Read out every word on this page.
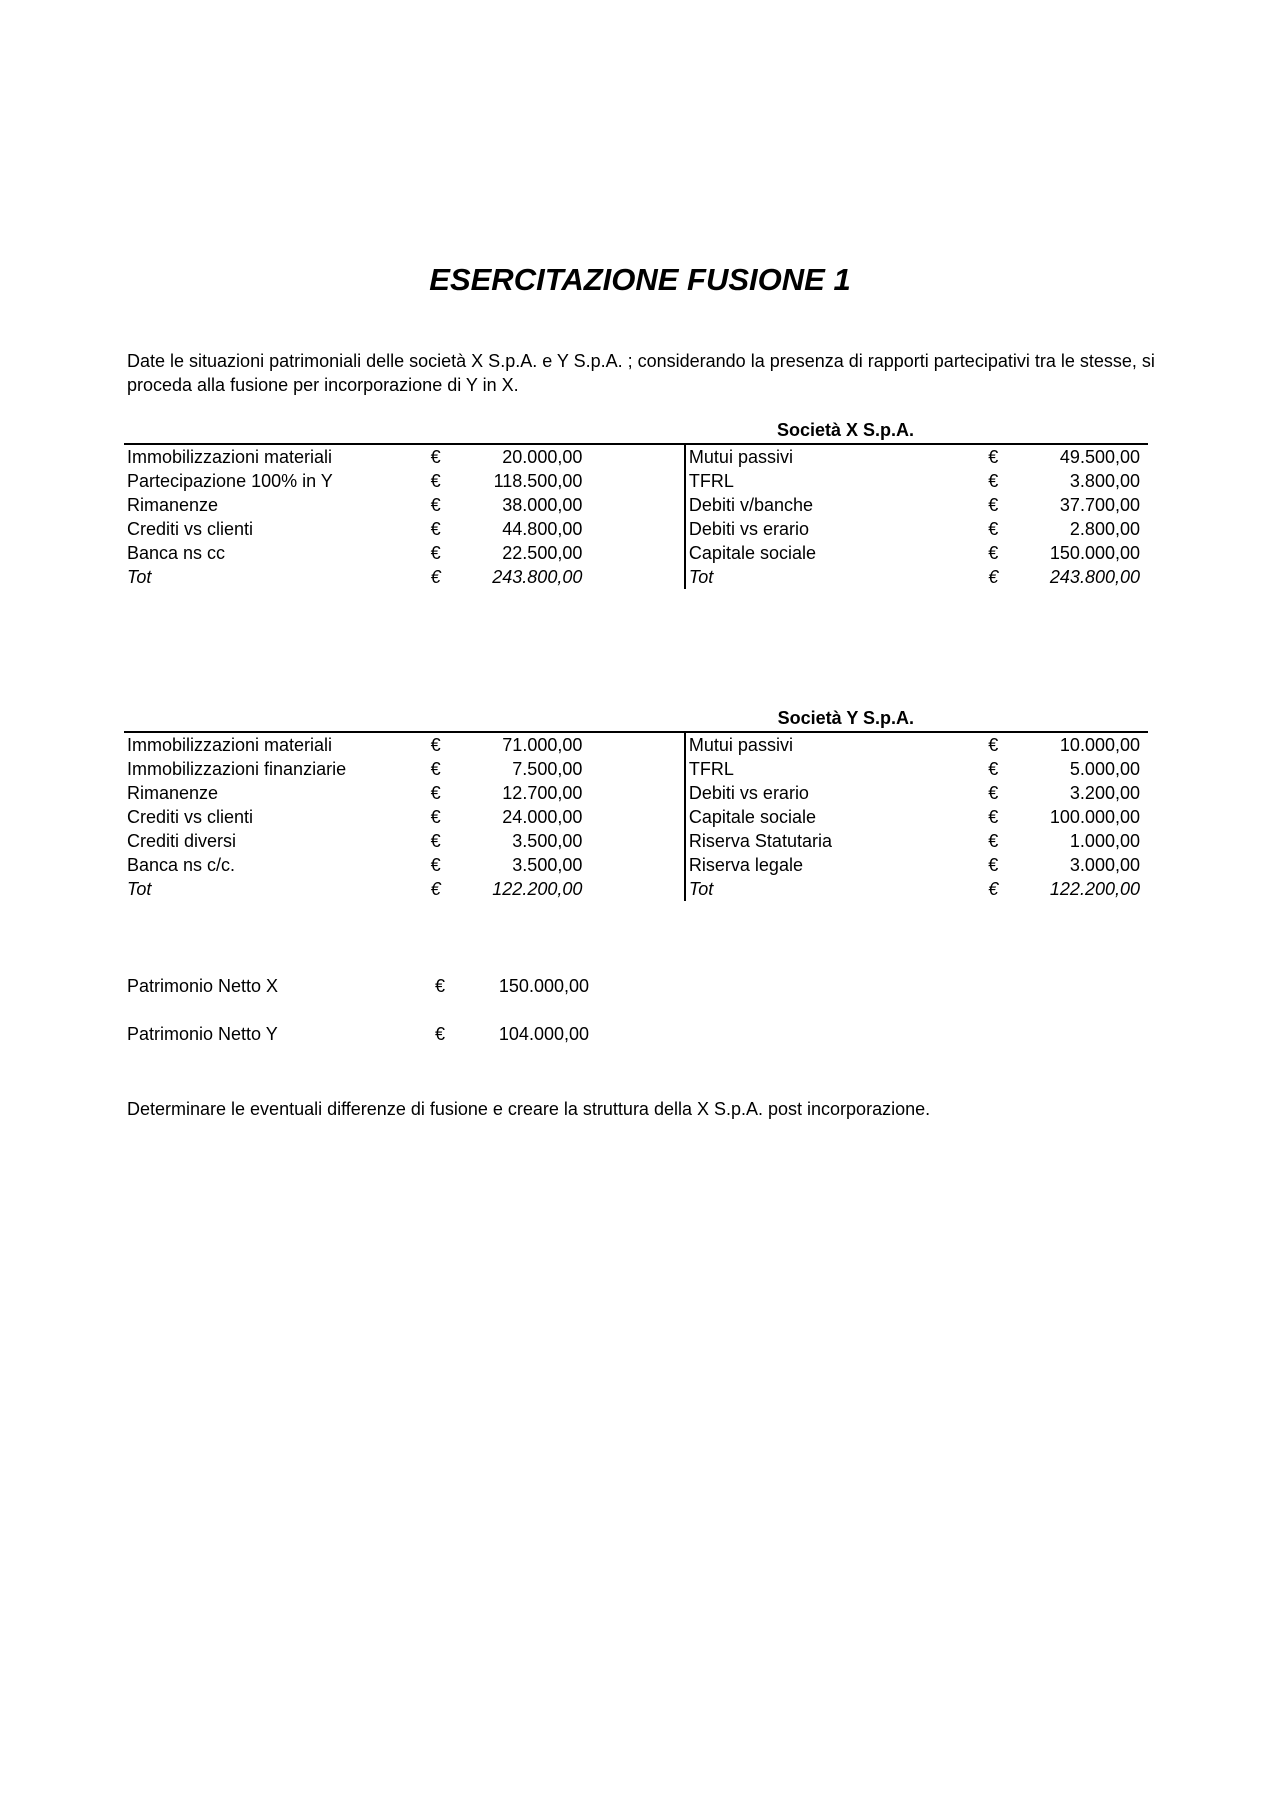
ESERCITAZIONE FUSIONE 1
Date le situazioni patrimoniali delle società X S.p.A. e Y S.p.A. ; considerando la presenza di rapporti partecipativi tra le stesse, si proceda alla fusione per incorporazione di Y in X.
Società X S.p.A.
Immobilizzazioni materiali	€	20.000,00		Mutui passivi	€	49.500,00
Partecipazione 100% in Y	€	118.500,00		TFRL	€	3.800,00
Rimanenze	€	38.000,00		Debiti v/banche	€	37.700,00
Crediti vs clienti	€	44.800,00		Debiti vs erario	€	2.800,00
Banca ns cc	€	22.500,00		Capitale sociale	€	150.000,00
Tot	€	243.800,00		Tot	€	243.800,00
Società Y S.p.A.
Immobilizzazioni materiali	€	71.000,00		Mutui passivi	€	10.000,00
Immobilizzazioni finanziarie	€	7.500,00		TFRL	€	5.000,00
Rimanenze	€	12.700,00		Debiti vs erario	€	3.200,00
Crediti vs clienti	€	24.000,00		Capitale sociale	€	100.000,00
Crediti diversi	€	3.500,00		Riserva Statutaria	€	1.000,00
Banca ns c/c.	€	3.500,00		Riserva legale	€	3.000,00
Tot	€	122.200,00		Tot	€	122.200,00
Patrimonio Netto X	€	150.000,00
Patrimonio Netto Y	€	104.000,00
Determinare le eventuali differenze di fusione e creare la struttura della X S.p.A. post incorporazione.
